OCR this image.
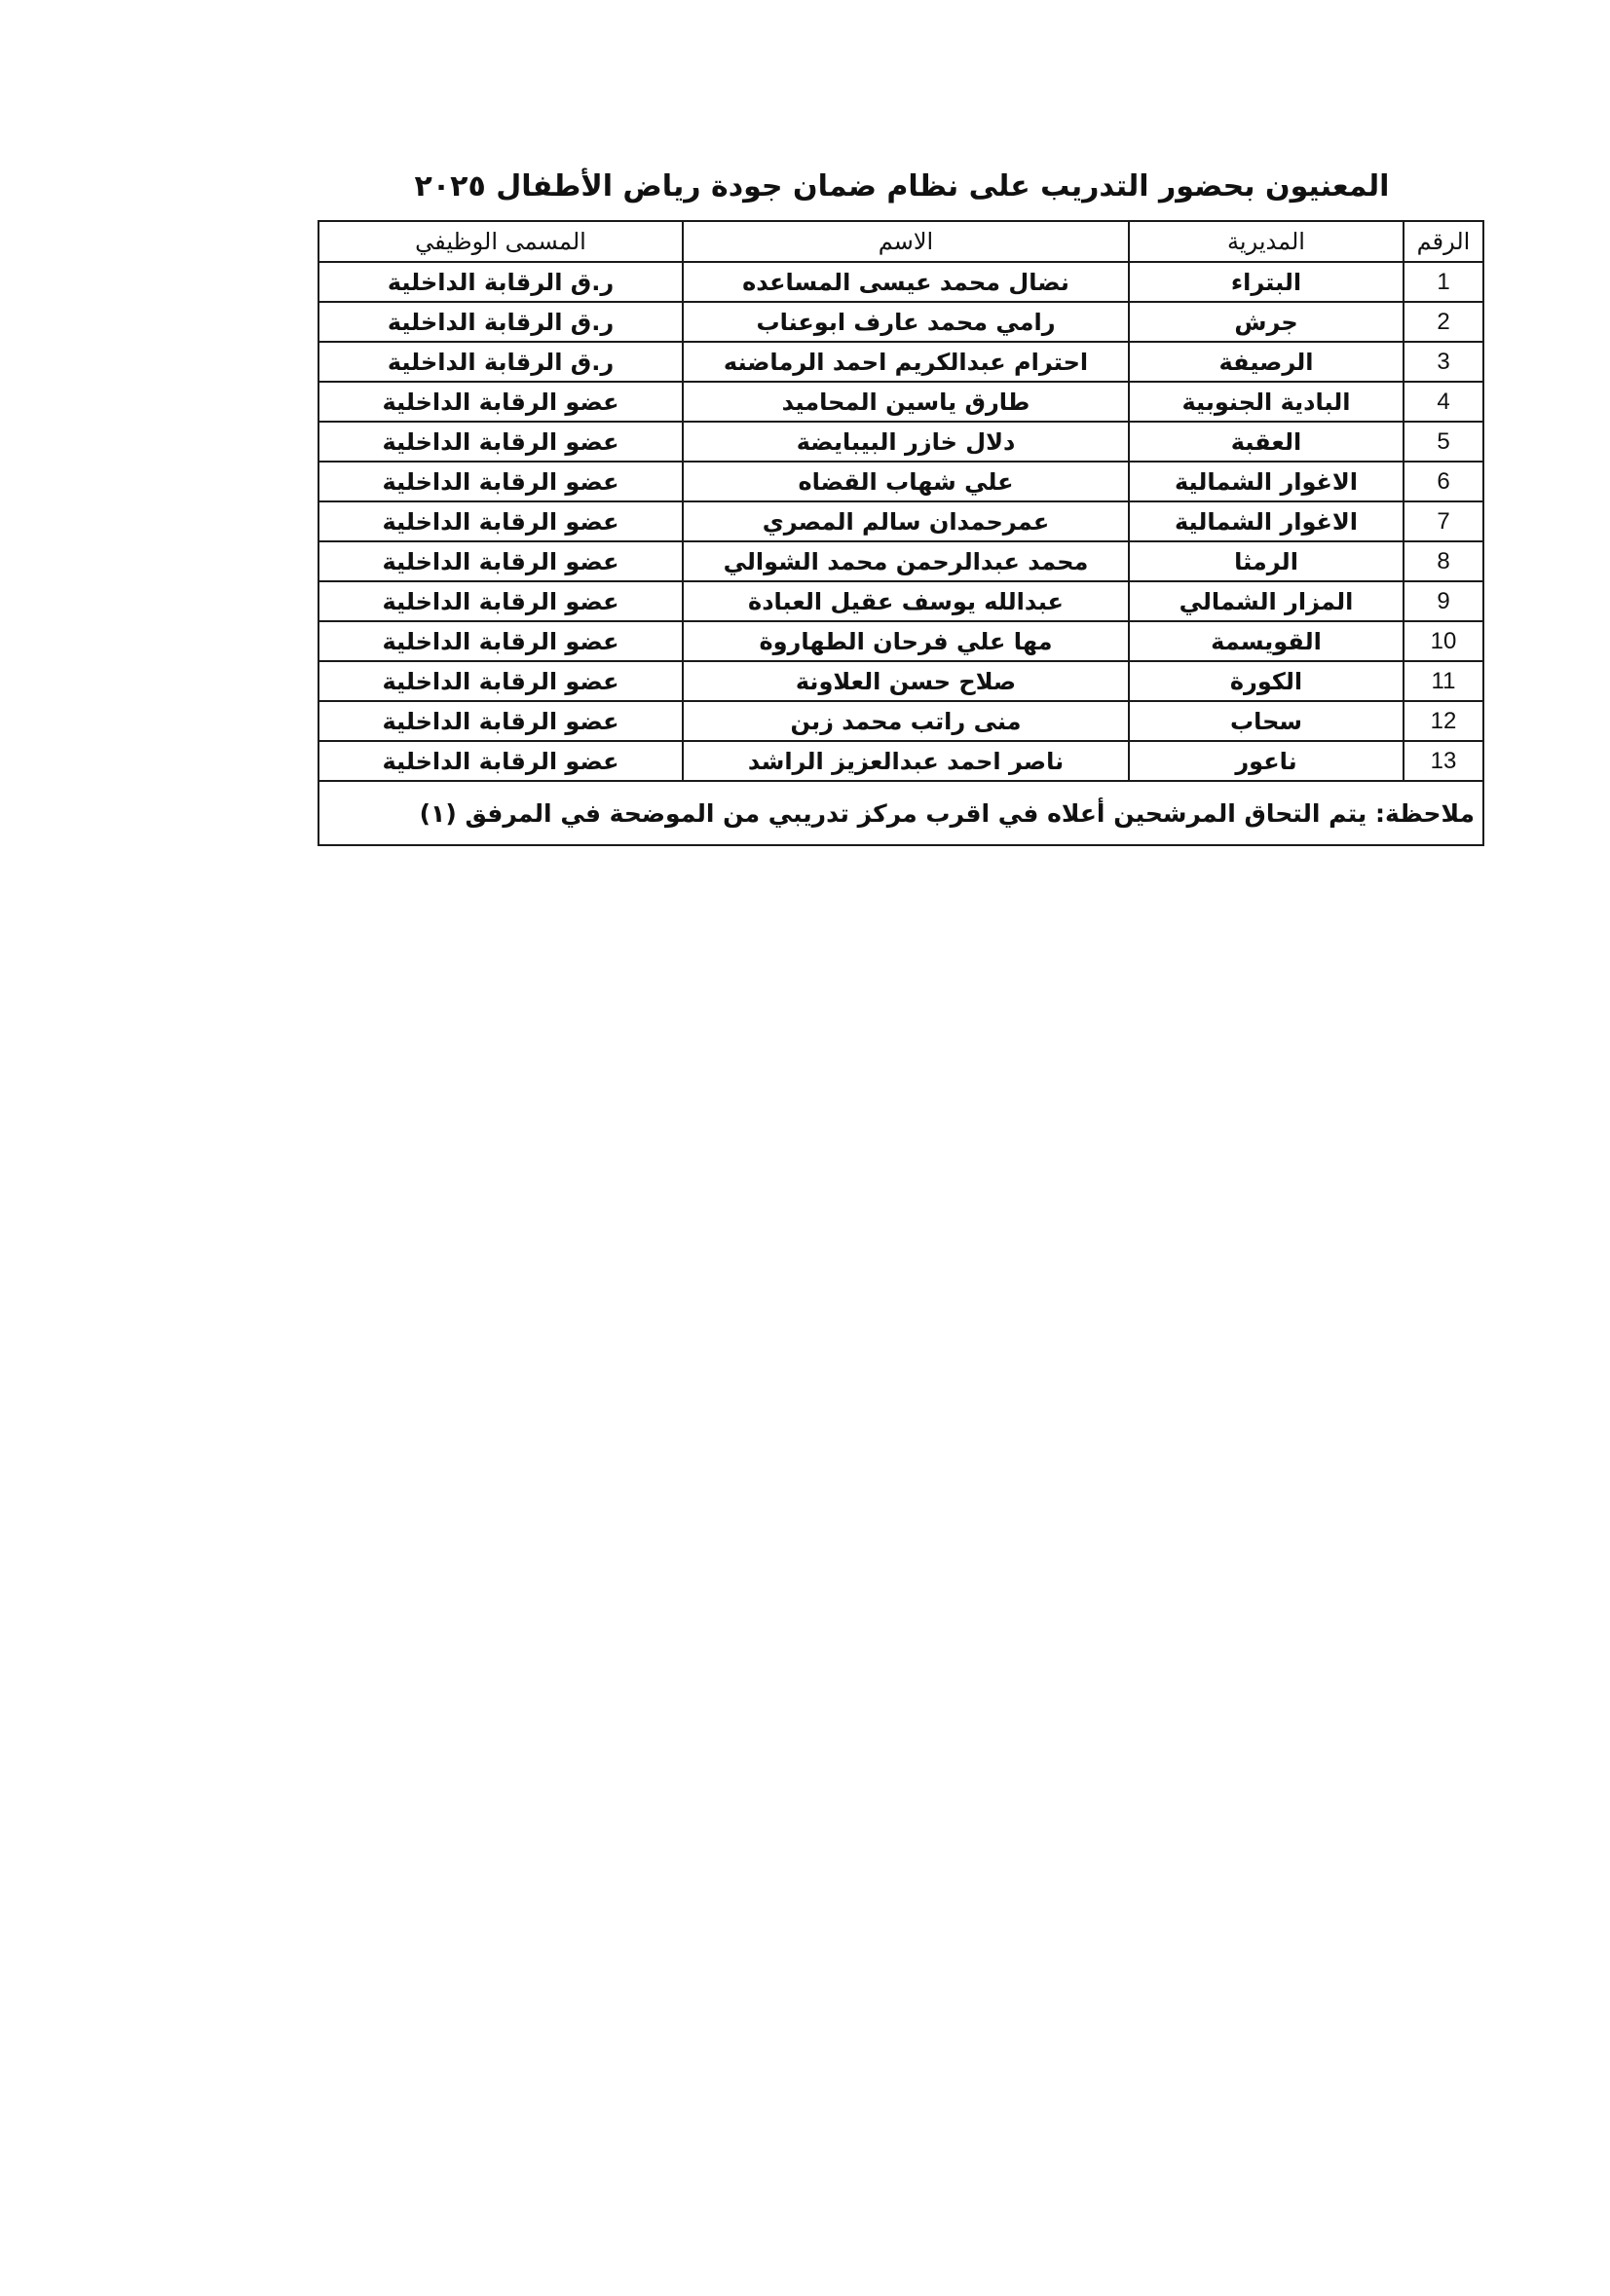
المعنيون بحضور التدريب على نظام ضمان جودة رياض الأطفال ٢٠٢٥
الرقم	المديرية	الاسم	المسمى الوظيفي
1	البتراء	نضال محمد عيسى المساعده	ر.ق الرقابة الداخلية
2	جرش	رامي محمد عارف ابوعناب	ر.ق الرقابة الداخلية
3	الرصيفة	احترام عبدالكريم احمد الرماضنه	ر.ق الرقابة الداخلية
4	البادية الجنوبية	طارق ياسين المحاميد	عضو الرقابة الداخلية
5	العقبة	دلال خازر البيبايضة	عضو الرقابة الداخلية
6	الاغوار الشمالية	علي شهاب القضاه	عضو الرقابة الداخلية
7	الاغوار الشمالية	عمرحمدان سالم المصري	عضو الرقابة الداخلية
8	الرمثا	محمد عبدالرحمن محمد الشوالي	عضو الرقابة الداخلية
9	المزار الشمالي	عبدالله يوسف عقيل العبادة	عضو الرقابة الداخلية
10	القويسمة	مها علي فرحان الطهاروة	عضو الرقابة الداخلية
11	الكورة	صلاح حسن العلاونة	عضو الرقابة الداخلية
12	سحاب	منى راتب محمد زبن	عضو الرقابة الداخلية
13	ناعور	ناصر احمد عبدالعزيز الراشد	عضو الرقابة الداخلية
ملاحظة: يتم التحاق المرشحين أعلاه في اقرب مركز تدريبي من الموضحة في المرفق (١)			
